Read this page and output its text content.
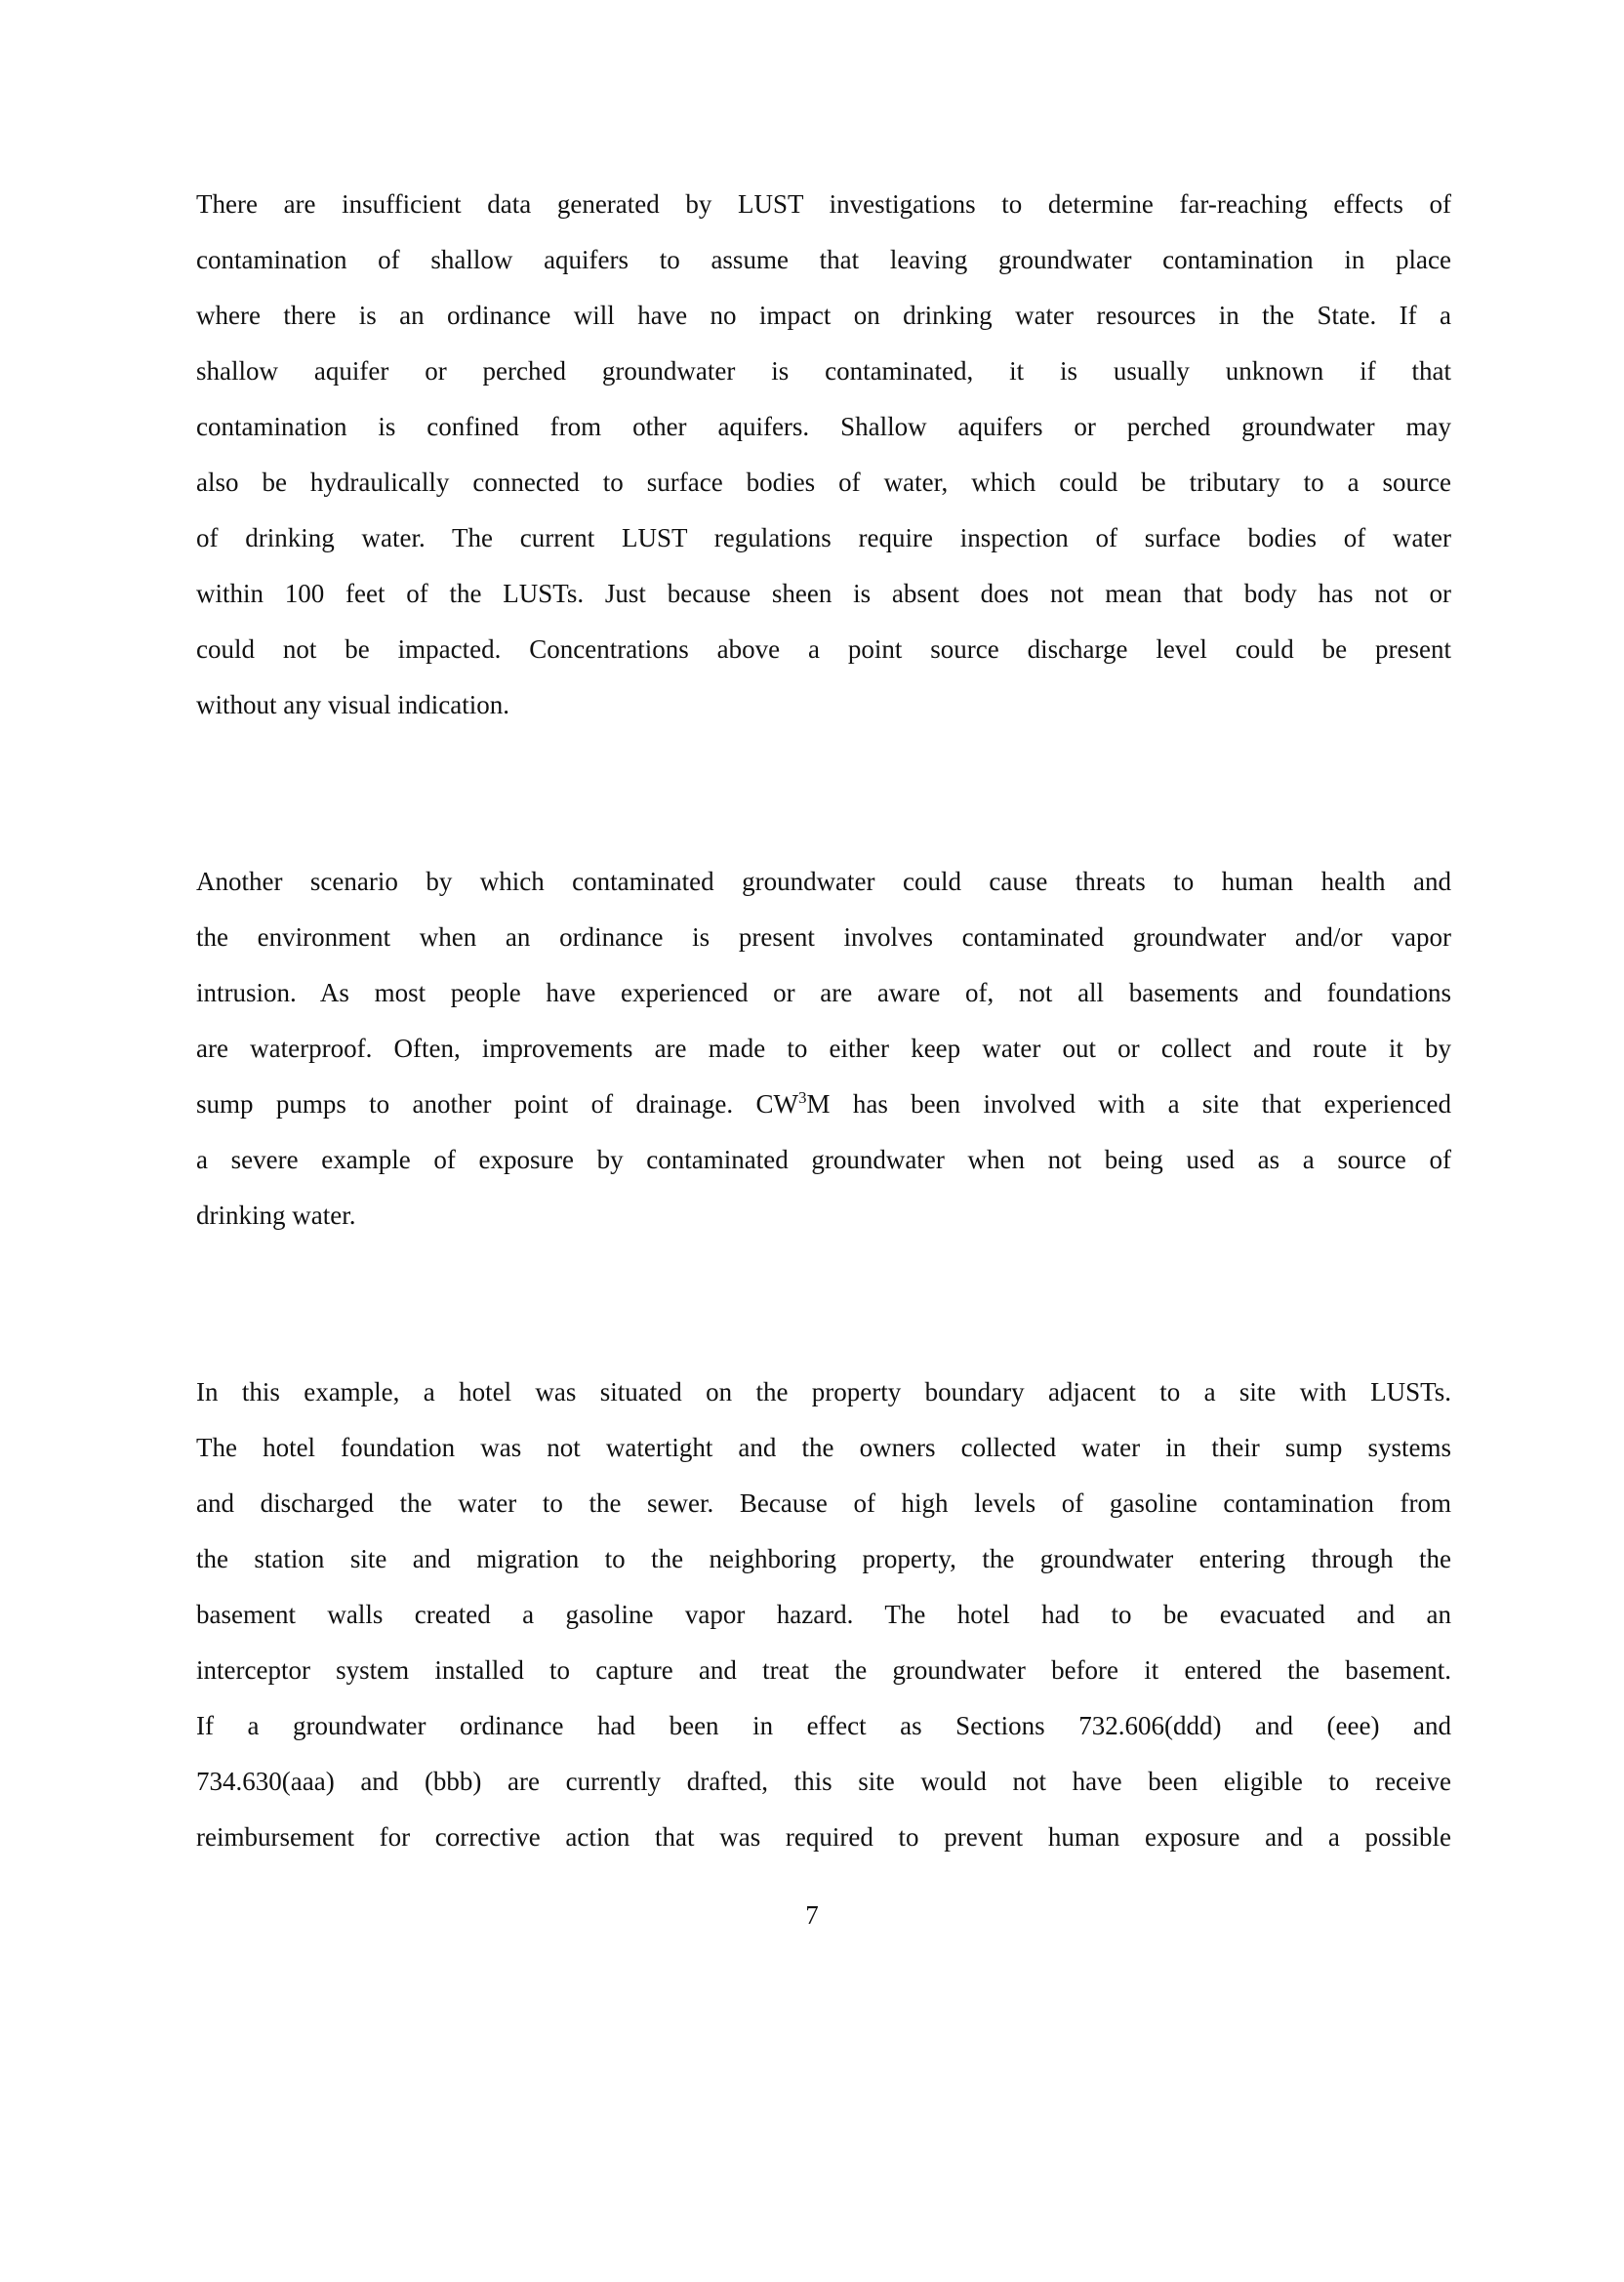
There are insufficient data generated by LUST investigations to determine far-reaching effects of
contamination of shallow aquifers to assume that leaving groundwater contamination in place
where there is an ordinance will have no impact on drinking water resources in the State. If a
shallow aquifer or perched groundwater is contaminated, it is usually unknown if that
contamination is confined from other aquifers. Shallow aquifers or perched groundwater may
also be hydraulically connected to surface bodies of water, which could be tributary to a source
of drinking water. The current LUST regulations require inspection of surface bodies of water
within 100 feet of the LUSTs. Just because sheen is absent does not mean that body has not or
could not be impacted. Concentrations above a point source discharge level could be present
without any visual indication.
Another scenario by which contaminated groundwater could cause threats to human health and
the environment when an ordinance is present involves contaminated groundwater and/or vapor
intrusion. As most people have experienced or are aware of, not all basements and foundations
are waterproof. Often, improvements are made to either keep water out or collect and route it by
sump pumps to another point of drainage. $CW^3M$ has been involved with a site that experienced
a severe example of exposure by contaminated groundwater when not being used as a source of
drinking water.
In this example, a hotel was situated on the property boundary adjacent to a site with LUSTs.
The hotel foundation was not watertight and the owners collected water in their sump systems
and discharged the water to the sewer. Because of high levels of gasoline contamination from
the station site and migration to the neighboring property, the groundwater entering through the
basement walls created a gasoline vapor hazard. The hotel had to be evacuated and an
interceptor system installed to capture and treat the groundwater before it entered the basement.
If a groundwater ordinance had been in effect as Sections 732.606(ddd) and (eee) and
734.630(aaa) and (bbb) are currently drafted, this site would not have been eligible to receive
reimbursement for corrective action that was required to prevent human exposure and a possible
7
